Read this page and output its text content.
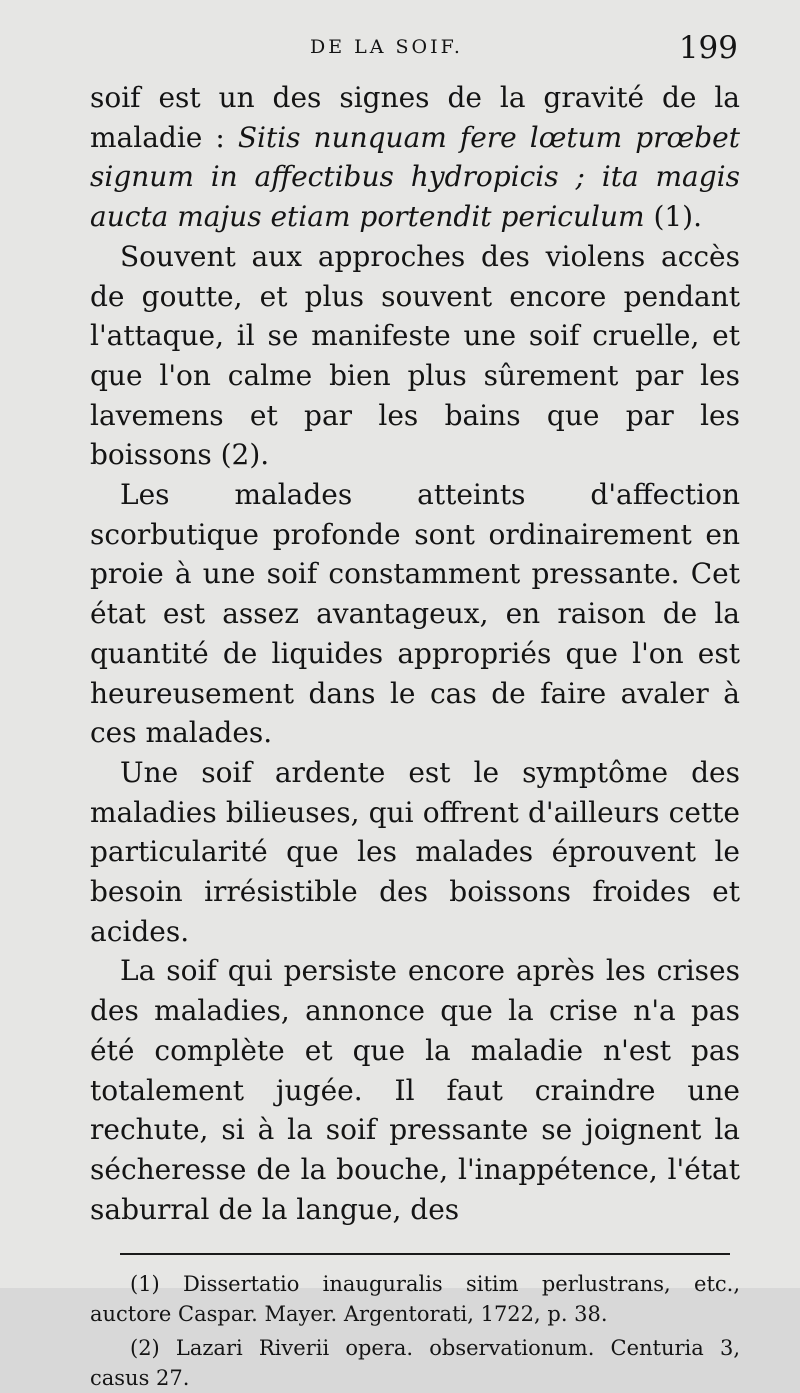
DE LA SOIF.	199

soif est un des signes de la gravité de la maladie : Sitis nunquam fere lœtum prœbet signum in affectibus hydropicis ; ita magis aucta majus etiam portendit periculum (1).

Souvent aux approches des violens accès de goutte, et plus souvent encore pendant l'attaque, il se manifeste une soif cruelle, et que l'on calme bien plus sûrement par les lavemens et par les bains que par les boissons (2).

Les malades atteints d'affection scorbutique profonde sont ordinairement en proie à une soif constamment pressante. Cet état est assez avantageux, en raison de la quantité de liquides appropriés que l'on est heureusement dans le cas de faire avaler à ces malades.

Une soif ardente est le symptôme des maladies bilieuses, qui offrent d'ailleurs cette particularité que les malades éprouvent le besoin irrésistible des boissons froides et acides.

La soif qui persiste encore après les crises des maladies, annonce que la crise n'a pas été complète et que la maladie n'est pas totalement jugée. Il faut craindre une rechute, si à la soif pressante se joignent la sécheresse de la bouche, l'inappétence, l'état saburral de la langue, des

(1) Dissertatio inauguralis sitim perlustrans, etc., auctore Caspar. Mayer. Argentorati, 1722, p. 38.

(2) Lazari Riverii opera. observationum. Centuria 3, casus 27.
